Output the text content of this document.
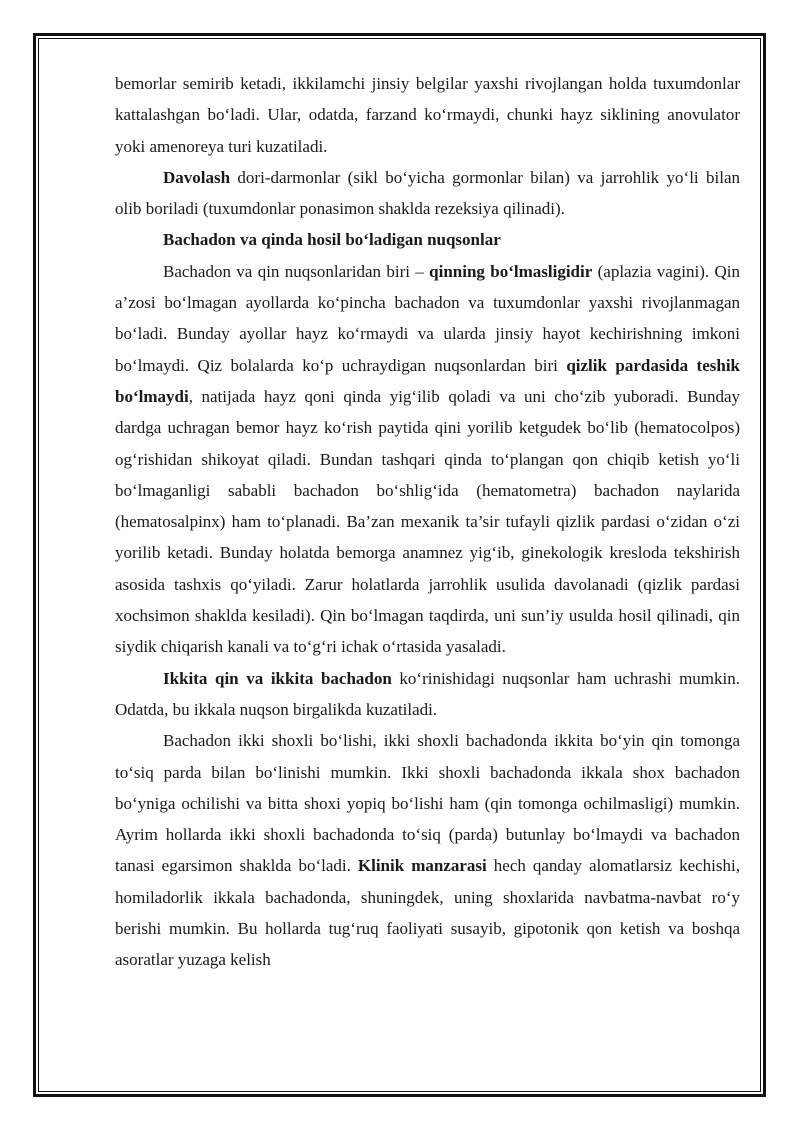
bemorlar semirib ketadi, ikkilamchi jinsiy belgilar yaxshi rivojlangan holda tuxumdonlar kattalashgan bo‘ladi. Ular, odatda, farzand ko‘rmaydi, chunki hayz siklining anovulator yoki amenoreya turi kuzatiladi.

Davolash dori-darmonlar (sikl bo‘yicha gormonlar bilan) va jarrohlik yo‘li bilan olib boriladi (tuxumdonlar ponasimon shaklda rezeksiya qilinadi).

Bachadon va qinda hosil bo‘ladigan nuqsonlar

Bachadon va qin nuqsonlaridan biri – qinning bo‘lmasligidir (aplazia vagini). Qin a’zosi bo‘lmagan ayollarda ko‘pincha bachadon va tuxumdonlar yaxshi rivojlanmagan bo‘ladi. Bunday ayollar hayz ko‘rmaydi va ularda jinsiy hayot kechirishning imkoni bo‘lmaydi. Qiz bolalarda ko‘p uchraydigan nuqsonlardan biri qizlik pardasida teshik bo‘lmaydi, natijada hayz qoni qinda yig‘ilib qoladi va uni cho‘zib yuboradi. Bunday dardga uchragan bemor hayz ko‘rish paytida qini yorilib ketgudek bo‘lib (hematocolpos) og‘rishidan shikoyat qiladi. Bundan tashqari qinda to‘plangan qon chiqib ketish yo‘li bo‘lmaganligi sababli bachadon bo‘shlig‘ida (hematometra) bachadon naylarida (hematosalpinx) ham to‘planadi. Ba’zan mexanik ta’sir tufayli qizlik pardasi o‘zidan o‘zi yorilib ketadi. Bunday holatda bemorga anamnez yig‘ib, ginekologik kresloda tekshirish asosida tashxis qo‘yiladi. Zarur holatlarda jarrohlik usulida davolanadi (qizlik pardasi xochsimon shaklda kesiladi). Qin bo‘lmagan taqdirda, uni sun’iy usulda hosil qilinadi, qin siydik chiqarish kanali va to‘g‘ri ichak o‘rtasida yasaladi.

Ikkita qin va ikkita bachadon ko‘rinishidagi nuqsonlar ham uchrashi mumkin. Odatda, bu ikkala nuqson birgalikda kuzatiladi.

Bachadon ikki shoxli bo‘lishi, ikki shoxli bachadonda ikkita bo‘yin qin tomonga to‘siq parda bilan bo‘linishi mumkin. Ikki shoxli bachadonda ikkala shox bachadon bo‘yniga ochilishi va bitta shoxi yopiq bo‘lishi ham (qin tomonga ochilmasligi) mumkin. Ayrim hollarda ikki shoxli bachadonda to‘siq (parda) butunlay bo‘lmaydi va bachadon tanasi egarsimon shaklda bo‘ladi. Klinik manzarasi hech qanday alomatlarsiz kechishi, homiladorlik ikkala bachadonda, shuningdek, uning shoxlarida navbatma-navbat ro‘y berishi mumkin. Bu hollarda tug‘ruq faoliyati susayib, gipotonik qon ketish va boshqa asoratlar yuzaga kelish
